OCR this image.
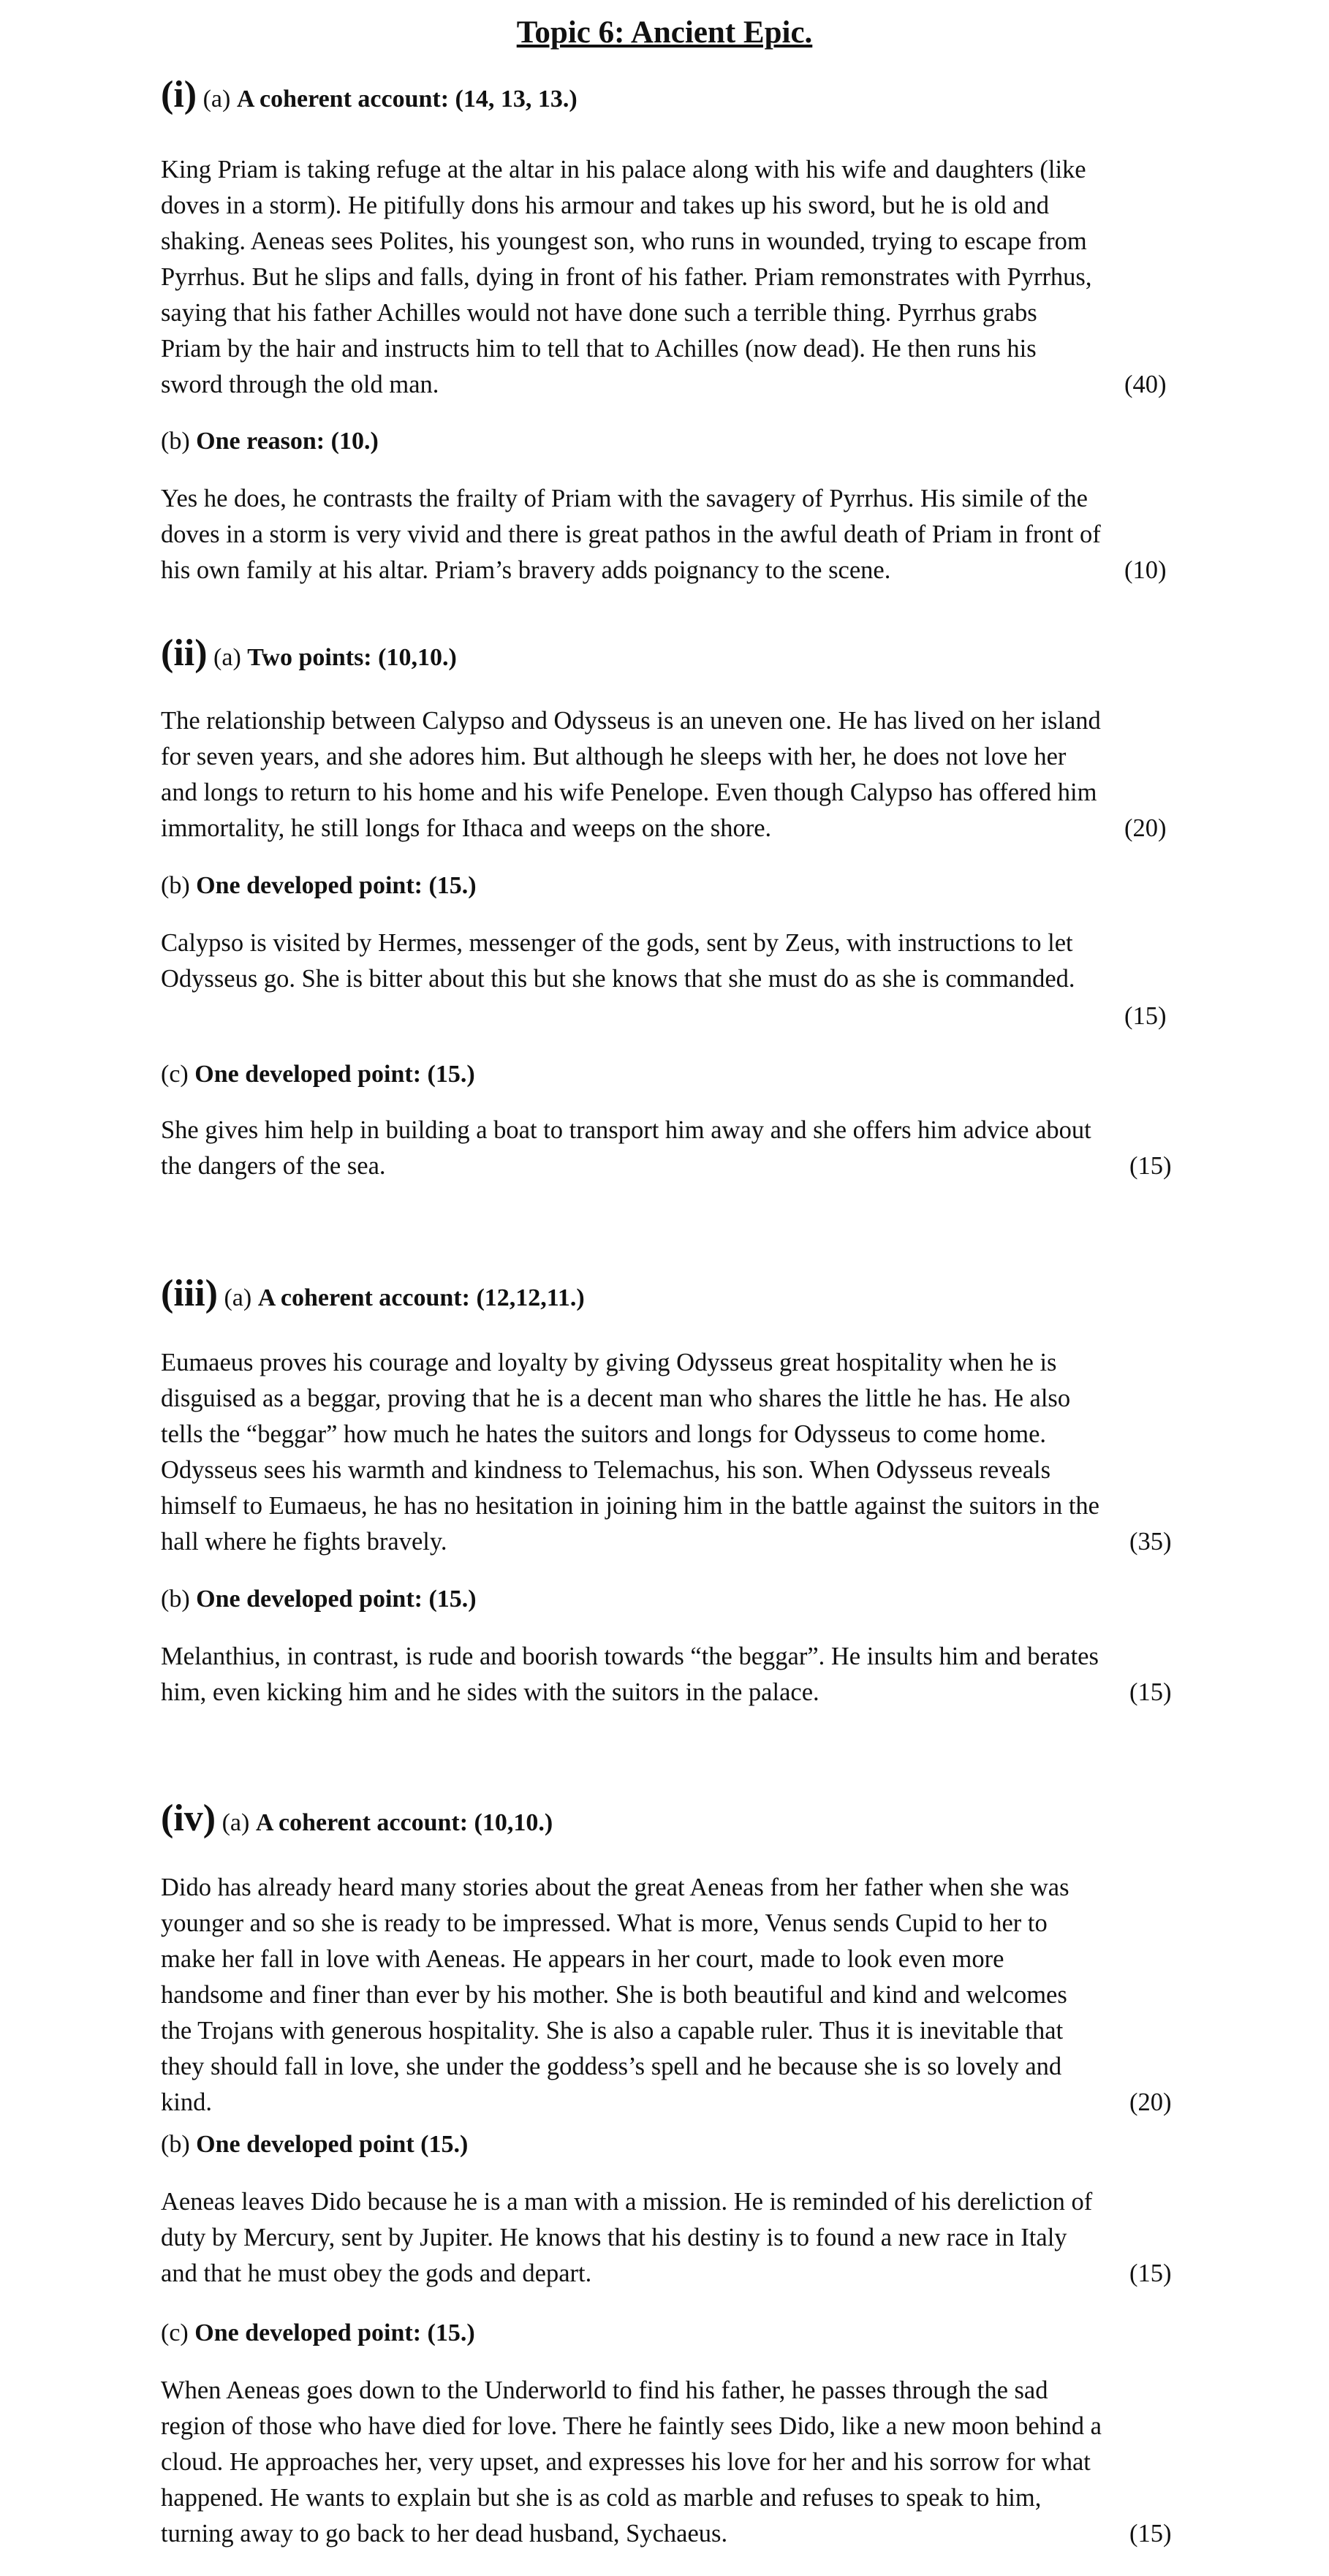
Topic 6: Ancient Epic.
(i) (a) A coherent account: (14, 13, 13.)

King Priam is taking refuge at the altar in his palace along with his wife and daughters (like
doves in a storm). He pitifully dons his armour and takes up his sword, but he is old and
shaking. Aeneas sees Polites, his youngest son, who runs in wounded, trying to escape from
Pyrrhus. But he slips and falls, dying in front of his father. Priam remonstrates with Pyrrhus,
saying that his father Achilles would not have done such a terrible thing. Pyrrhus grabs
Priam by the hair and instructs him to tell that to Achilles (now dead). He then runs his
sword through the old man.	(40)
(b) One reason: (10.)

Yes he does, he contrasts the frailty of Priam with the savagery of Pyrrhus. His simile of the
doves in a storm is very vivid and there is great pathos in the awful death of Priam in front of
his own family at his altar. Priam’s bravery adds poignancy to the scene.	(10)
(ii) (a) Two points: (10,10.)

The relationship between Calypso and Odysseus is an uneven one. He has lived on her island
for seven years, and she adores him. But although he sleeps with her, he does not love her
and longs to return to his home and his wife Penelope. Even though Calypso has offered him
immortality, he still longs for Ithaca and weeps on the shore.	(20)
(b) One developed point: (15.)

Calypso is visited by Hermes, messenger of the gods, sent by Zeus, with instructions to let
Odysseus go. She is bitter about this but she knows that she must do as she is commanded.

(15)
(c) One developed point: (15.)

She gives him help in building a boat to transport him away and she offers him advice about
the dangers of the sea.	(15)
(iii) (a) A coherent account: (12,12,11.)

Eumaeus proves his courage and loyalty by giving Odysseus great hospitality when he is
disguised as a beggar, proving that he is a decent man who shares the little he has. He also
tells the “beggar” how much he hates the suitors and longs for Odysseus to come home.
Odysseus sees his warmth and kindness to Telemachus, his son. When Odysseus reveals
himself to Eumaeus, he has no hesitation in joining him in the battle against the suitors in the
hall where he fights bravely.	(35)
(b) One developed point: (15.)

Melanthius, in contrast, is rude and boorish towards “the beggar”. He insults him and berates
him, even kicking him and he sides with the suitors in the palace.	(15)
(iv) (a) A coherent account: (10,10.)

Dido has already heard many stories about the great Aeneas from her father when she was
younger and so she is ready to be impressed. What is more, Venus sends Cupid to her to
make her fall in love with Aeneas. He appears in her court, made to look even more
handsome and finer than ever by his mother. She is both beautiful and kind and welcomes
the Trojans with generous hospitality. She is also a capable ruler. Thus it is inevitable that
they should fall in love, she under the goddess’s spell and he because she is so lovely and
kind.	(20)
(b) One developed point (15.)

Aeneas leaves Dido because he is a man with a mission. He is reminded of his dereliction of
duty by Mercury, sent by Jupiter. He knows that his destiny is to found a new race in Italy
and that he must obey the gods and depart.	(15)
(c) One developed point: (15.)

When Aeneas goes down to the Underworld to find his father, he passes through the sad
region of those who have died for love. There he faintly sees Dido, like a new moon behind a
cloud. He approaches her, very upset, and expresses his love for her and his sorrow for what
happened. He wants to explain but she is as cold as marble and refuses to speak to him,
turning away to go back to her dead husband, Sychaeus.	(15)
